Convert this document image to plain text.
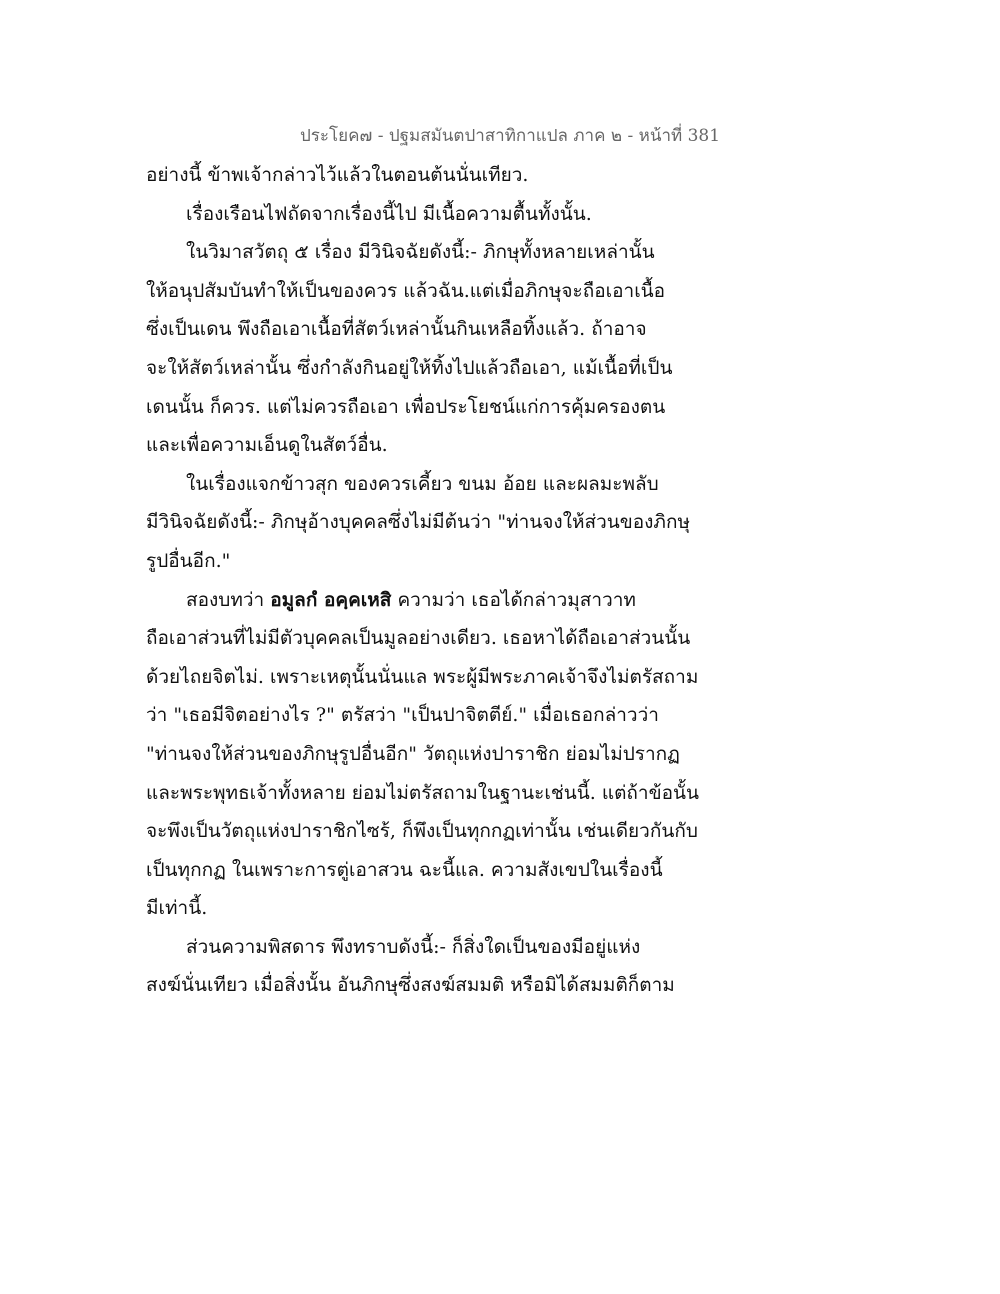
ประโยค๗ - ปฐมสมันตปาสาทิกาแปล ภาค ๒ - หน้าที่ 381
อย่างนี้ ข้าพเจ้ากล่าวไว้แล้วในตอนต้นนั่นเทียว.
เรื่องเรือนไฟถัดจากเรื่องนี้ไป มีเนื้อความตื้นทั้งนั้น.
ในวิมาสวัตถุ ๕ เรื่อง มีวินิจฉัยดังนี้:- ภิกษุทั้งหลายเหล่านั้น
ให้อนุปสัมบันทำให้เป็นของควร แล้วฉัน.แต่เมื่อภิกษุจะถือเอาเนื้อ
ซึ่งเป็นเดน พึงถือเอาเนื้อที่สัตว์เหล่านั้นกินเหลือทิ้งแล้ว. ถ้าอาจ
จะให้สัตว์เหล่านั้น ซึ่งกำลังกินอยู่ให้ทิ้งไปแล้วถือเอา, แม้เนื้อที่เป็น
เดนนั้น ก็ควร. แต่ไม่ควรถือเอา เพื่อประโยชน์แก่การคุ้มครองตน
และเพื่อความเอ็นดูในสัตว์อื่น.
ในเรื่องแจกข้าวสุก ของควรเคี้ยว ขนม อ้อย และผลมะพลับ
มีวินิจฉัยดังนี้:- ภิกษุอ้างบุคคลซึ่งไม่มีต้นว่า "ท่านจงให้ส่วนของภิกษุ
รูปอื่นอีก."
สองบทว่า อมูลกํ อคฺคเหสิ ความว่า เธอได้กล่าวมุสาวาท
ถือเอาส่วนที่ไม่มีตัวบุคคลเป็นมูลอย่างเดียว. เธอหาได้ถือเอาส่วนนั้น
ด้วยไถยจิตไม่. เพราะเหตุนั้นนั่นแล พระผู้มีพระภาคเจ้าจึงไม่ตรัสถาม
ว่า "เธอมีจิตอย่างไร ?" ตรัสว่า "เป็นปาจิตตีย์." เมื่อเธอกล่าวว่า
"ท่านจงให้ส่วนของภิกษุรูปอื่นอีก" วัตถุแห่งปาราชิก ย่อมไม่ปรากฏ
และพระพุทธเจ้าทั้งหลาย ย่อมไม่ตรัสถามในฐานะเช่นนี้. แต่ถ้าข้อนั้น
จะพึงเป็นวัตถุแห่งปาราชิกไซร้, ก็พึงเป็นทุกกฏเท่านั้น เช่นเดียวกันกับ
เป็นทุกกฏ ในเพราะการตู่เอาสวน ฉะนี้แล. ความสังเขปในเรื่องนี้
มีเท่านี้.
ส่วนความพิสดาร พึงทราบดังนี้:- ก็สิ่งใดเป็นของมีอยู่แห่ง
สงฆ์นั่นเทียว เมื่อสิ่งนั้น อันภิกษุซึ่งสงฆ์สมมติ หรือมิได้สมมติก็ตาม
